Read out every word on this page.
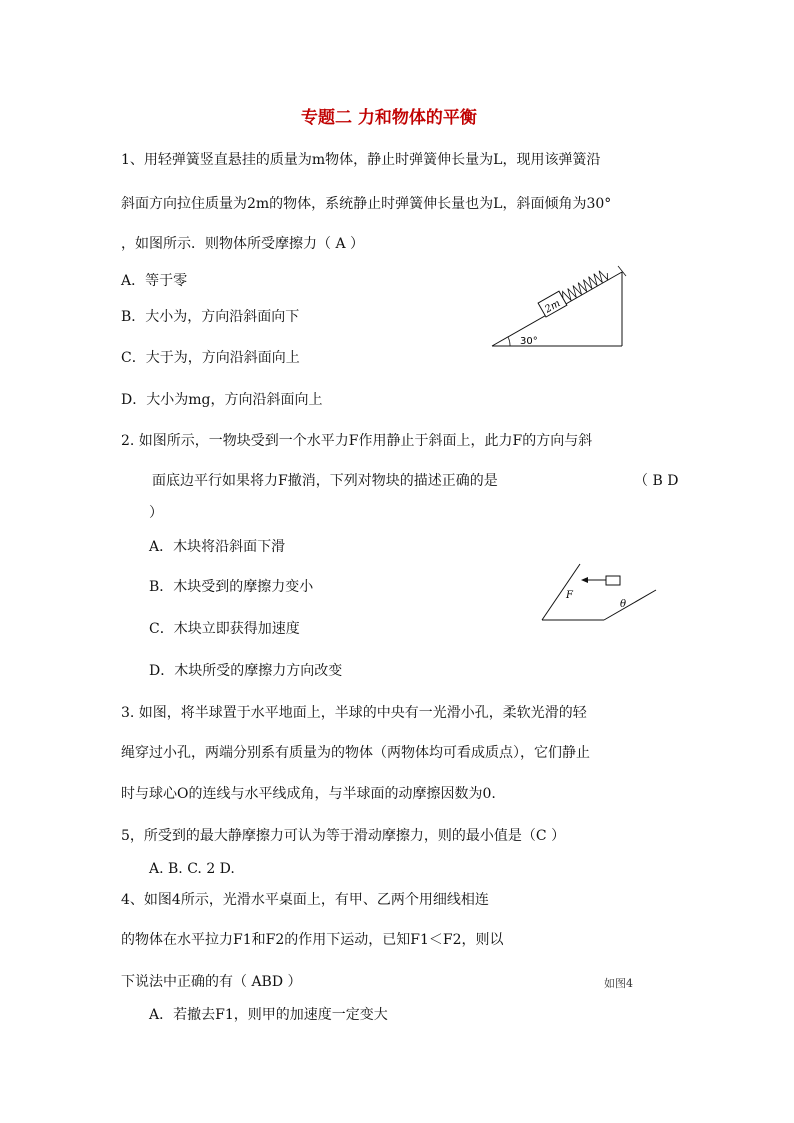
专题二 力和物体的平衡
1、用轻弹簧竖直悬挂的质量为m物体，静止时弹簧伸长量为L，现用该弹簧沿
斜面方向拉住质量为2m的物体，系统静止时弹簧伸长量也为L，斜面倾角为30°
，如图所示．则物体所受摩擦力（ A ）
A．等于零
B．大小为，方向沿斜面向下
C．大于为，方向沿斜面向上
D．大小为mg，方向沿斜面向上
2m
30°
2. 如图所示，一物块受到一个水平力F作用静止于斜面上，此力F的方向与斜
面底边平行如果将力F撤消，下列对物块的描述正确的是	（ B D
）
A．木块将沿斜面下滑
B．木块受到的摩擦力变小
C．木块立即获得加速度
D．木块所受的摩擦力方向改变
F
θ
3. 如图，将半球置于水平地面上，半球的中央有一光滑小孔，柔软光滑的轻
绳穿过小孔，两端分别系有质量为的物体（两物体均可看成质点），它们静止
时与球心O的连线与水平线成角，与半球面的动摩擦因数为0.
5，所受到的最大静摩擦力可认为等于滑动摩擦力，则的最小值是（C ）
A. B. C. 2 D.
4、如图4所示，光滑水平桌面上，有甲、乙两个用细线相连
的物体在水平拉力F1和F2的作用下运动，已知F1＜F2，则以
下说法中正确的有（ ABD ）	如图4
A．若撤去F1，则甲的加速度一定变大
